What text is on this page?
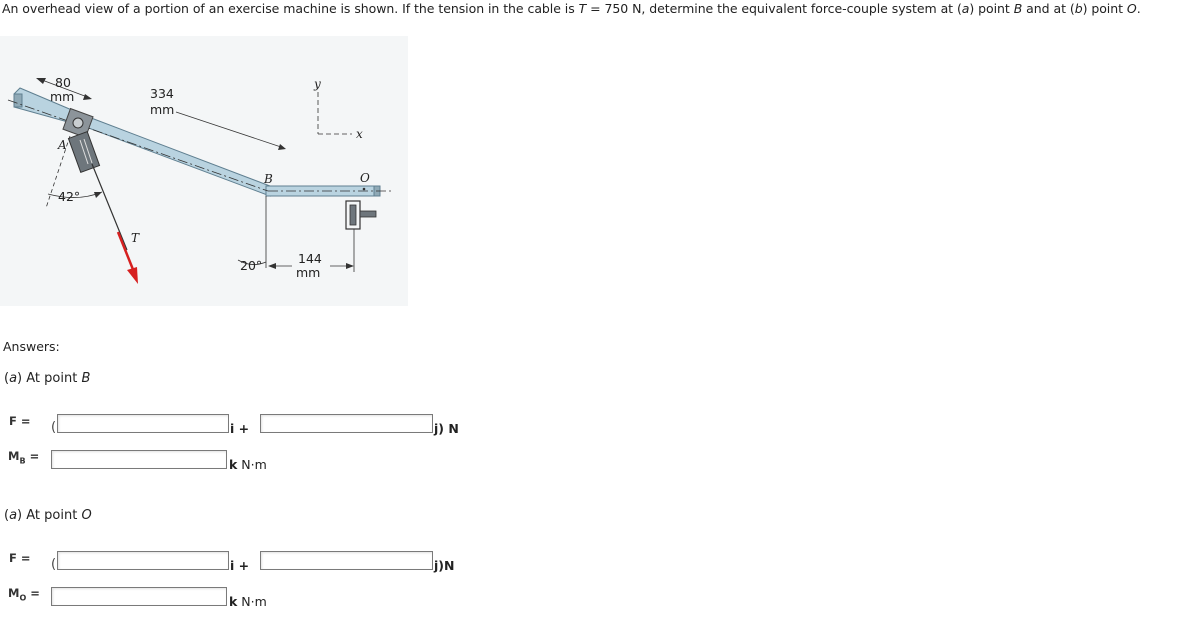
An overhead view of a portion of an exercise machine is shown. If the tension in the cable is T = 750 N, determine the equivalent force-couple system at (a) point B and at (b) point O.
80
mm	334
mm
A
B	O
T
42°
20°	144
mm
y
x
Answers:
(a) At point B
F = (	i +	j) N
$M_B$ =
k N·m
(a) At point O
F = (	i +	j)N
$M_O$ =
k N·m
